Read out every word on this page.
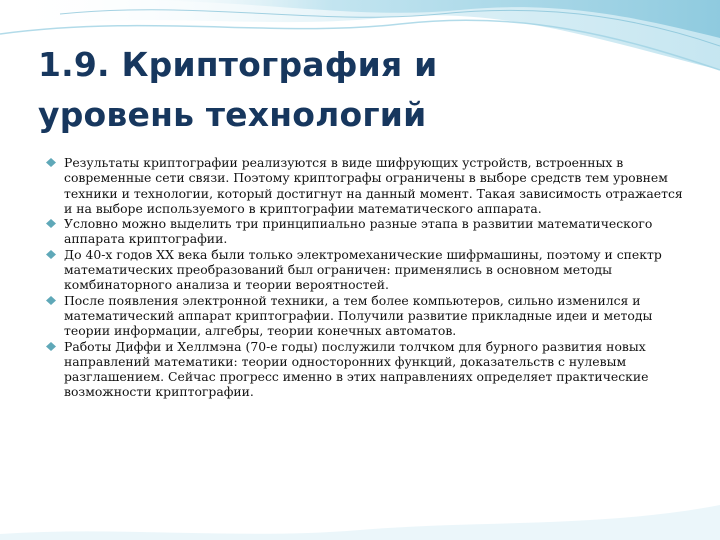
1.9. Криптография и
уровень технологий
Результаты криптографии реализуются в виде шифрующих устройств, встроенных в современные сети связи. Поэтому криптографы ограничены в выборе средств тем уровнем техники и технологии, который достигнут на данный момент. Такая зависимость отражается и на выборе используемого в криптографии математического аппарата.
Условно можно выделить три принципиально разные этапа в развитии математического аппарата криптографии.
До 40-х годов XX века были только электромеханические шифрмашины, поэтому и спектр математических преобразований был ограничен: применялись в основном методы комбинаторного анализа и теории вероятностей.
После появления электронной техники, а тем более компьютеров, сильно изменился и математический аппарат криптографии. Получили развитие прикладные идеи и методы теории информации, алгебры, теории конечных автоматов.
Работы Диффи и Хеллмэна (70-е годы) послужили толчком для бурного развития новых направлений математики: теории односторонних функций, доказательств с нулевым разглашением. Сейчас прогресс именно в этих направлениях определяет практические возможности криптографии.
